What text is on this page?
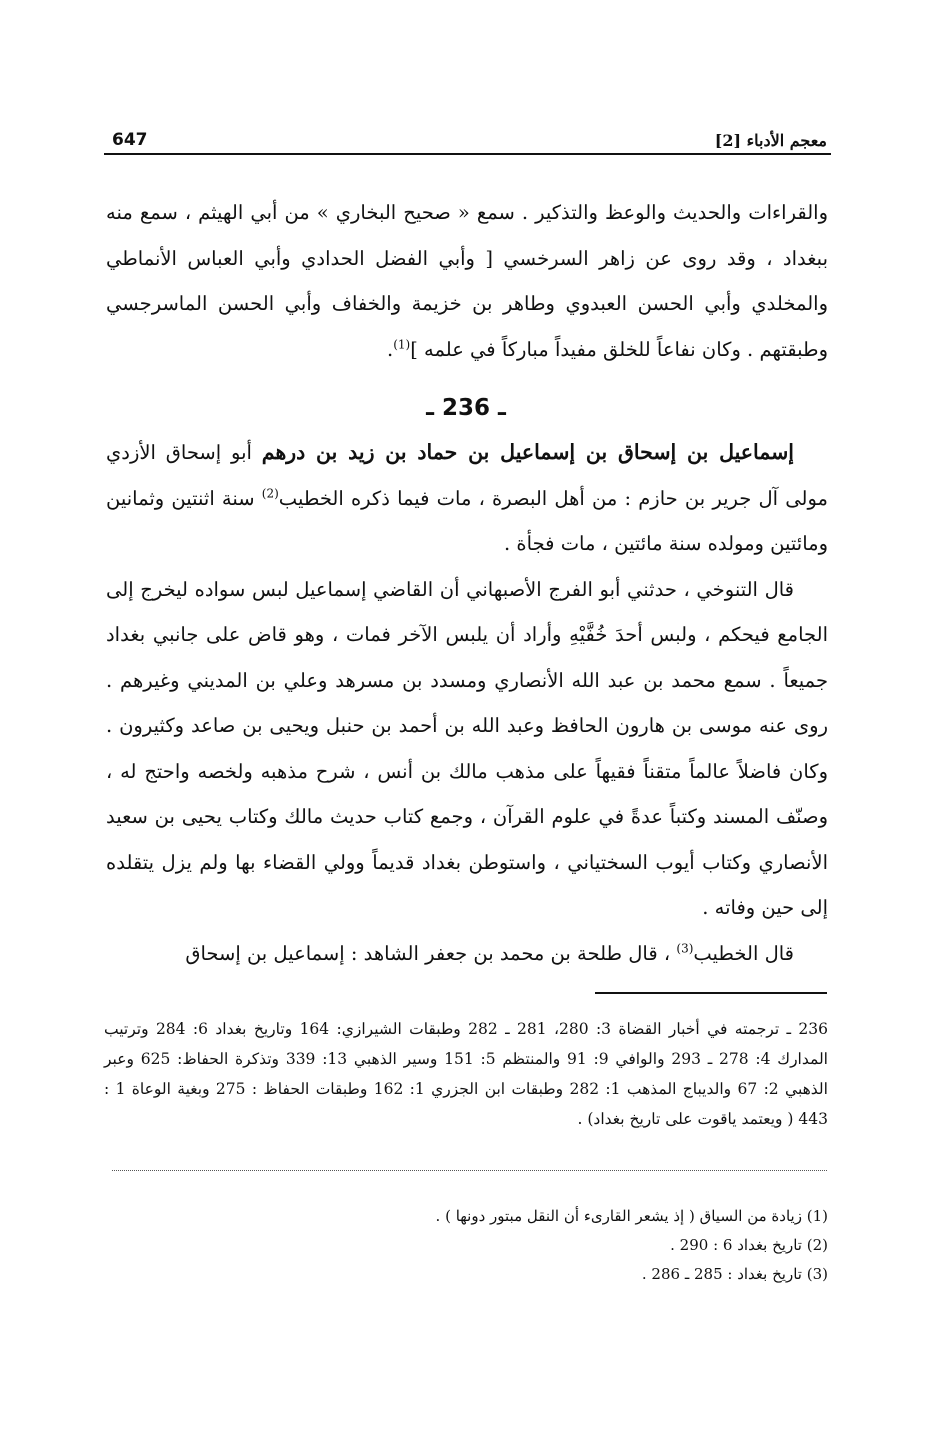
647	معجم الأدباء [2]

والقراءات والحديث والوعظ والتذكير . سمع « صحيح البخاري » من أبي الهيثم ، سمع منه ببغداد ، وقد روى عن زاهر السرخسي [ وأبي الفضل الحدادي وأبي العباس الأنماطي والمخلدي وأبي الحسن العبدوي وطاهر بن خزيمة والخفاف وأبي الحسن الماسرجسي وطبقتهم . وكان نفاعاً للخلق مفيداً مباركاً في علمه ]$^{(1)}$.

ـ 236 ـ

إسماعيل بن إسحاق بن إسماعيل بن حماد بن زيد بن درهم أبو إسحاق الأزدي مولى آل جرير بن حازم : من أهل البصرة ، مات فيما ذكره الخطيب$^{(2)}$ سنة اثنتين وثمانين ومائتين ومولده سنة مائتين ، مات فجأة .

قال التنوخي ، حدثني أبو الفرج الأصبهاني أن القاضي إسماعيل لبس سواده ليخرج إلى الجامع فيحكم ، ولبس أحدَ خُفَّيْهِ وأراد أن يلبس الآخر فمات ، وهو قاض على جانبي بغداد جميعاً . سمع محمد بن عبد الله الأنصاري ومسدد بن مسرهد وعلي بن المديني وغيرهم . روى عنه موسى بن هارون الحافظ وعبد الله بن أحمد بن حنبل ويحيى بن صاعد وكثيرون . وكان فاضلاً عالماً متقناً فقيهاً على مذهب مالك بن أنس ، شرح مذهبه ولخصه واحتج له ، وصنّف المسند وكتباً عدةً في علوم القرآن ، وجمع كتاب حديث مالك وكتاب يحيى بن سعيد الأنصاري وكتاب أيوب السختياني ، واستوطن بغداد قديماً وولي القضاء بها ولم يزل يتقلده إلى حين وفاته .

قال الخطيب$^{(3)}$ ، قال طلحة بن محمد بن جعفر الشاهد : إسماعيل بن إسحاق

236 ـ ترجمته في أخبار القضاة 3: 280، 281 ـ 282 وطبقات الشيرازي: 164 وتاريخ بغداد 6: 284 وترتيب المدارك 4: 278 ـ 293 والوافي 9: 91 والمنتظم 5: 151 وسير الذهبي 13: 339 وتذكرة الحفاظ: 625 وعبر الذهبي 2: 67 والديباج المذهب 1: 282 وطبقات ابن الجزري 1: 162 وطبقات الحفاظ : 275 وبغية الوعاة 1 : 443 ( ويعتمد ياقوت على تاريخ بغداد) .
(1) زيادة من السياق ( إذ يشعر القارىء أن النقل مبتور دونها ) .
(2) تاريخ بغداد 6 : 290 .
(3) تاريخ بغداد : 285 ـ 286 .
